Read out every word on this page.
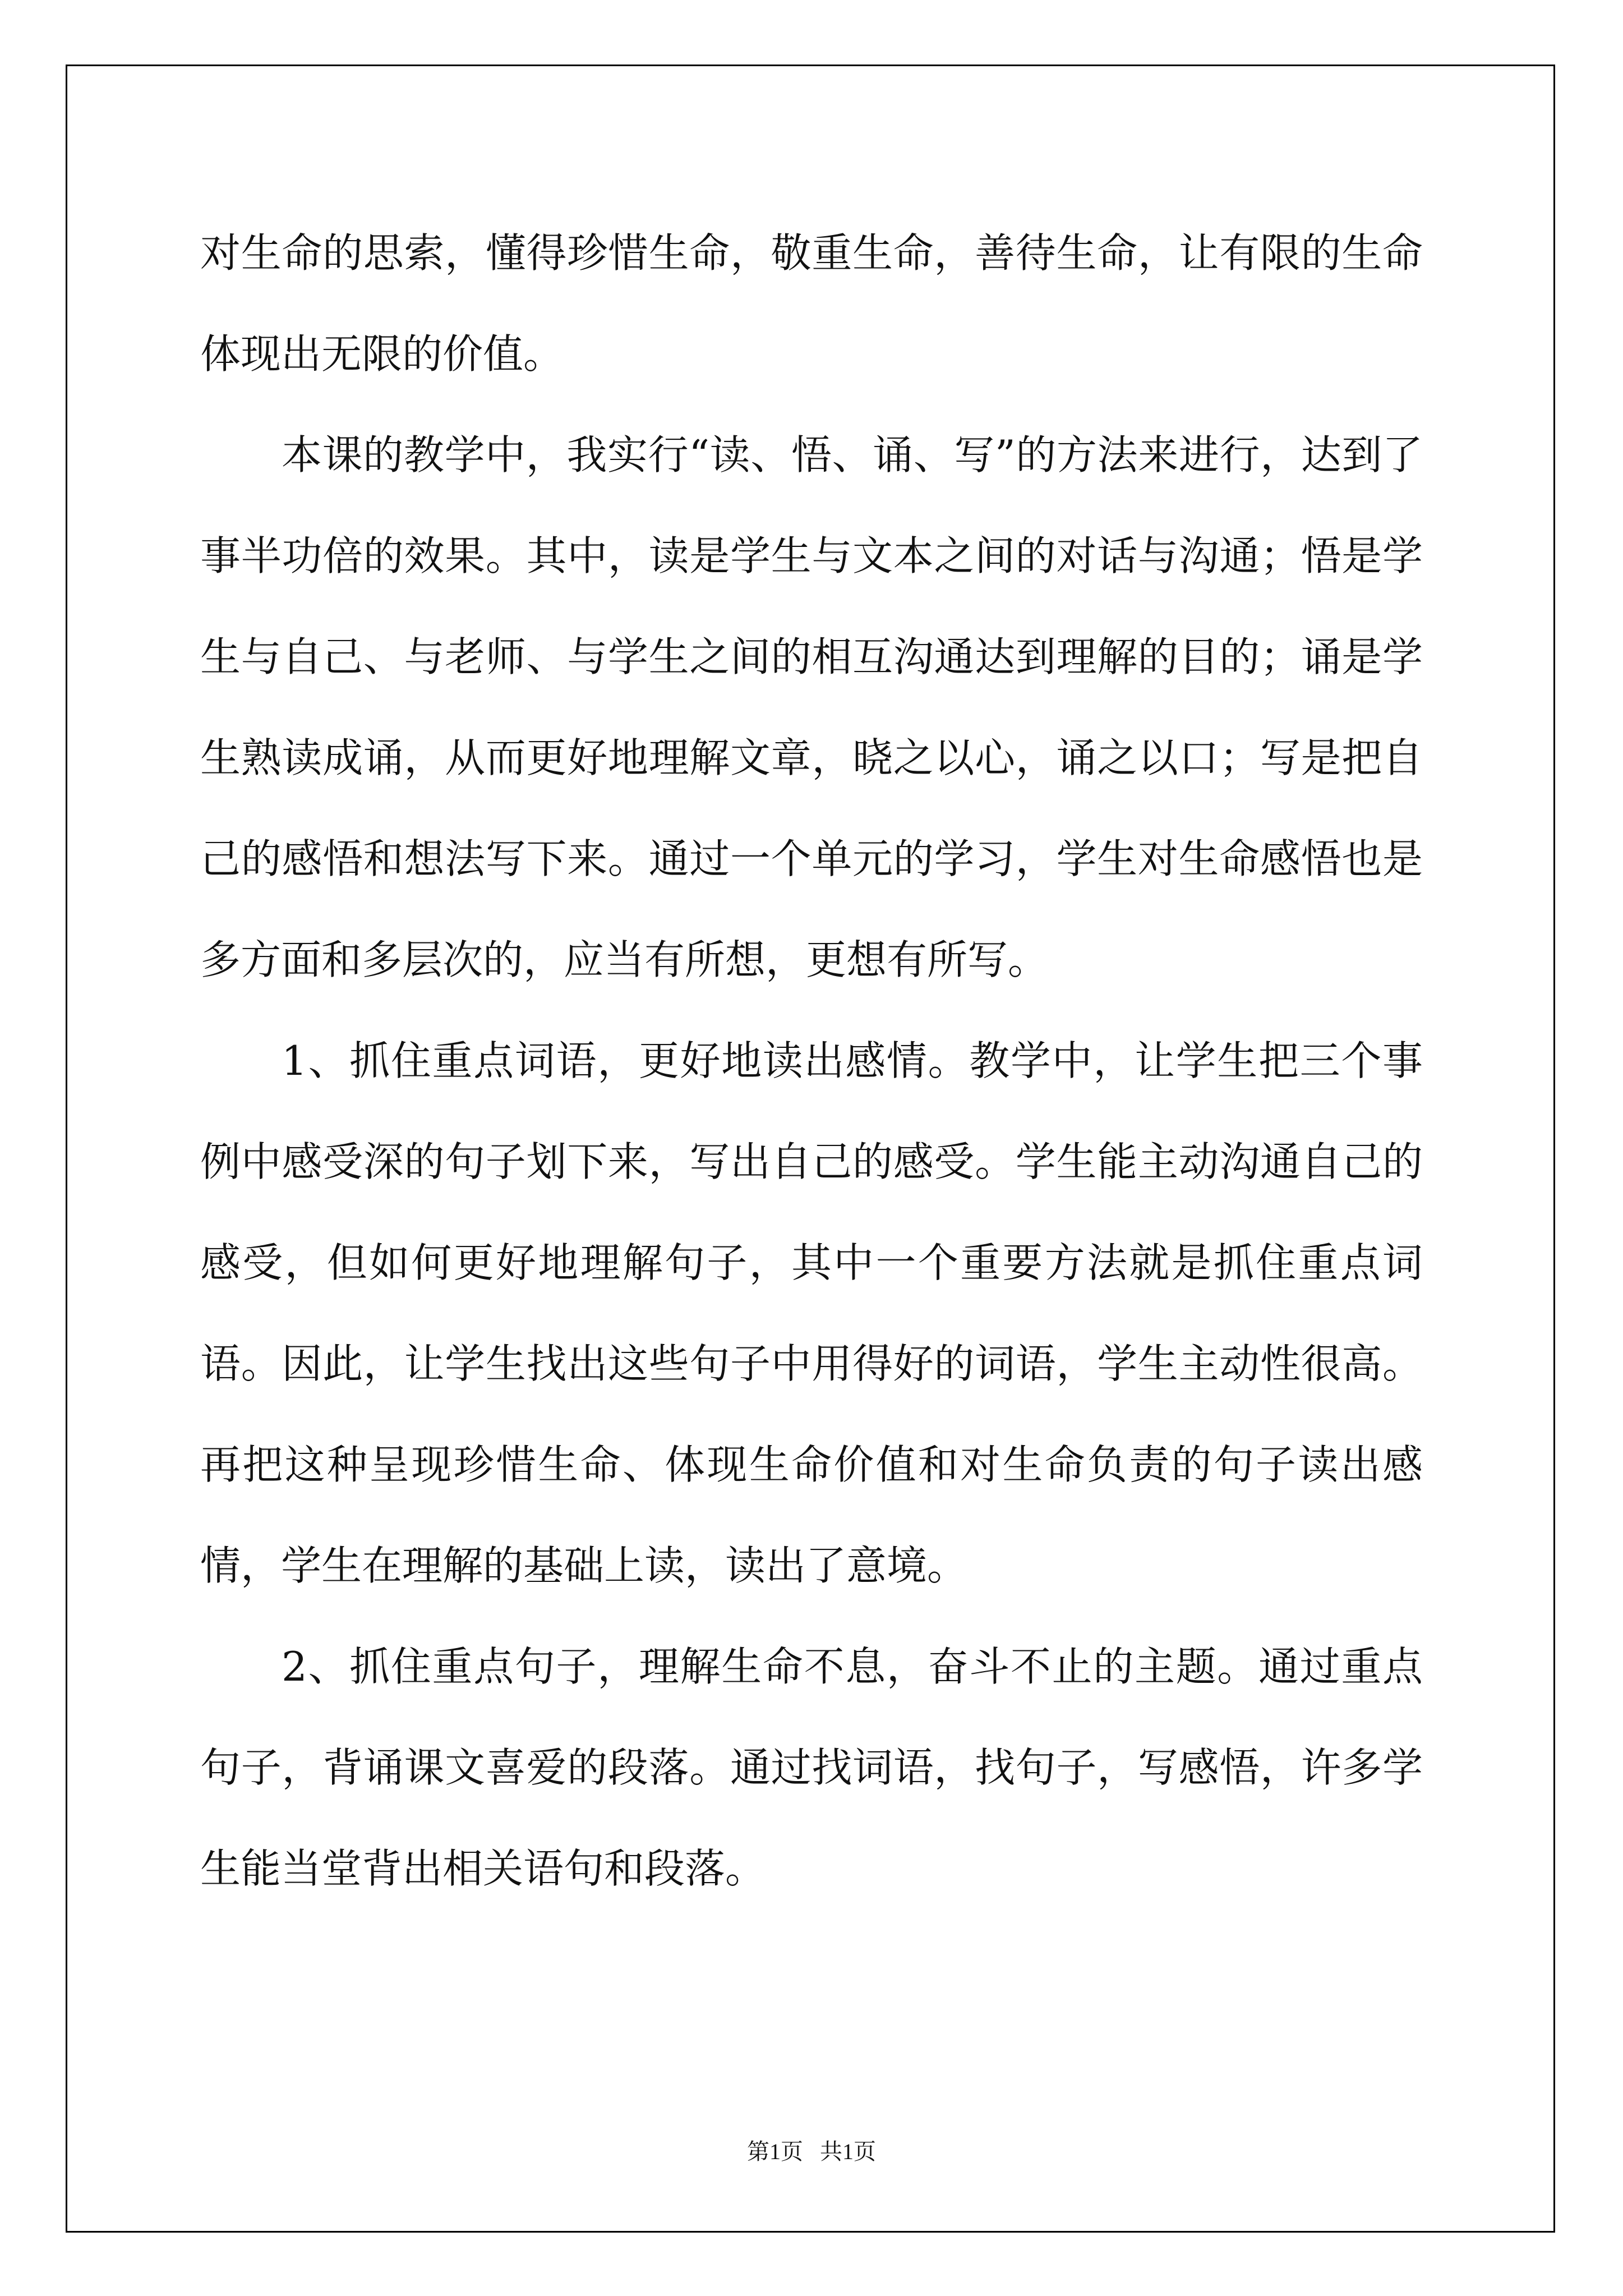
对生命的思索，懂得珍惜生命，敬重生命，善待生命，让有限的生命体现出无限的价值。

本课的教学中，我实行“读、悟、诵、写”的方法来进行，达到了事半功倍的效果。其中，读是学生与文本之间的对话与沟通；悟是学生与自己、与老师、与学生之间的相互沟通达到理解的目的；诵是学生熟读成诵，从而更好地理解文章，晓之以心，诵之以口；写是把自己的感悟和想法写下来。通过一个单元的学习，学生对生命感悟也是多方面和多层次的，应当有所想，更想有所写。

1、抓住重点词语，更好地读出感情。教学中，让学生把三个事例中感受深的句子划下来，写出自己的感受。学生能主动沟通自己的感受，但如何更好地理解句子，其中一个重要方法就是抓住重点词语。因此，让学生找出这些句子中用得好的词语，学生主动性很高。再把这种呈现珍惜生命、体现生命价值和对生命负责的句子读出感情，学生在理解的基础上读，读出了意境。

2、抓住重点句子，理解生命不息，奋斗不止的主题。通过重点句子，背诵课文喜爱的段落。通过找词语，找句子，写感悟，许多学生能当堂背出相关语句和段落。

第1页   共1页
